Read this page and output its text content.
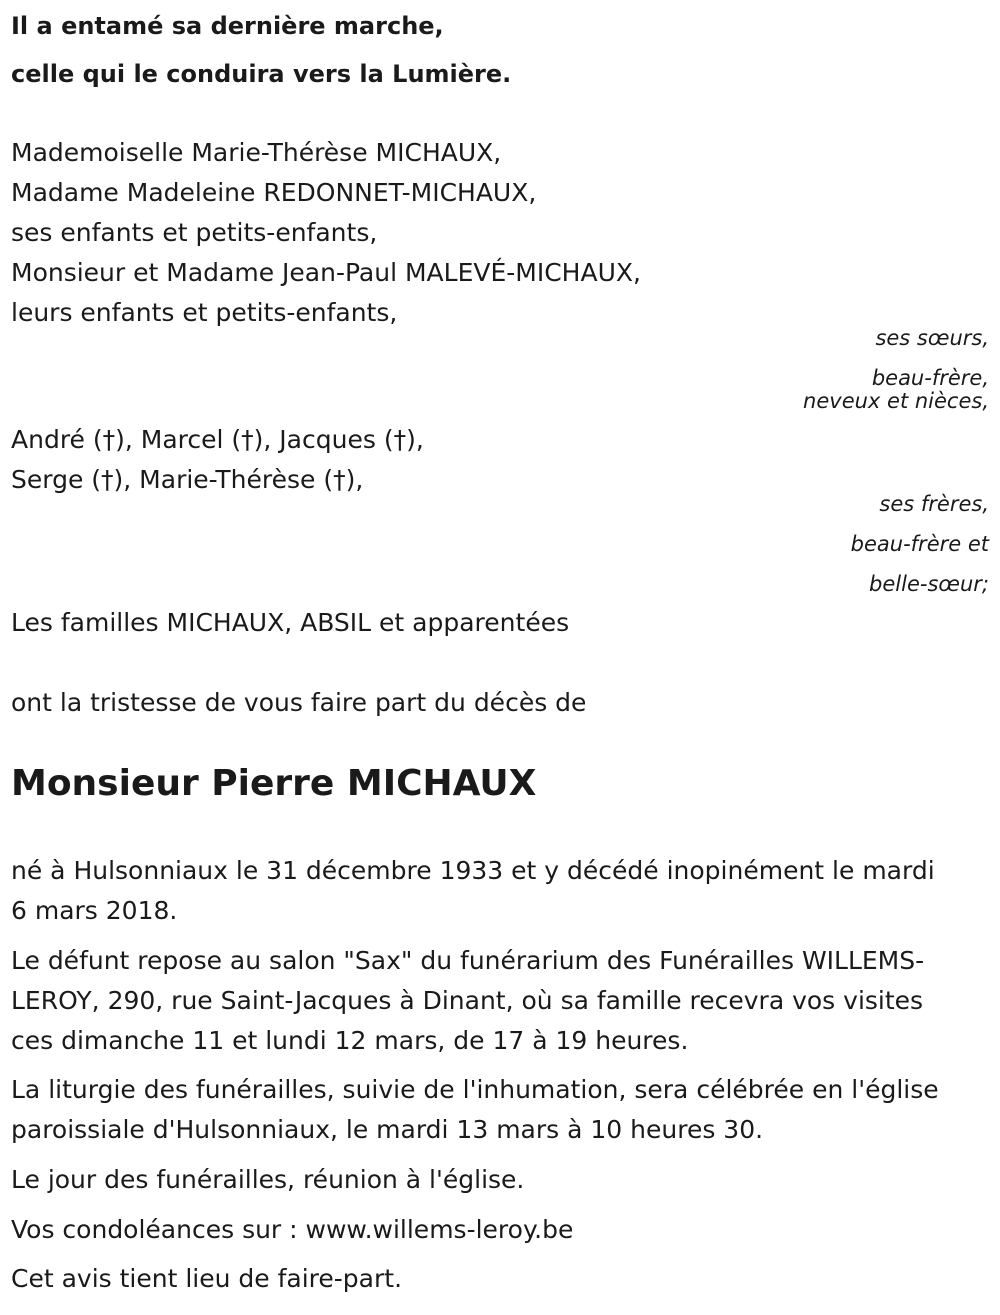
Il a entamé sa dernière marche,
celle qui le conduira vers la Lumière.
Mademoiselle Marie-Thérèse MICHAUX,
Madame Madeleine REDONNET-MICHAUX,
ses enfants et petits-enfants,
Monsieur et Madame Jean-Paul MALEVÉ-MICHAUX,
leurs enfants et petits-enfants,
ses sœurs,
beau-frère,
neveux et nièces,
André (†), Marcel (†), Jacques (†),
Serge (†), Marie-Thérèse (†),
ses frères,
beau-frère et
belle-sœur;
Les familles MICHAUX, ABSIL et apparentées
ont la tristesse de vous faire part du décès de
Monsieur Pierre MICHAUX
né à Hulsonniaux le 31 décembre 1933 et y décédé inopinément le mardi
6 mars 2018.
Le défunt repose au salon "Sax" du funérarium des Funérailles WILLEMS-
LEROY, 290, rue Saint-Jacques à Dinant, où sa famille recevra vos visites
ces dimanche 11 et lundi 12 mars, de 17 à 19 heures.
La liturgie des funérailles, suivie de l'inhumation, sera célébrée en l'église
paroissiale d'Hulsonniaux, le mardi 13 mars à 10 heures 30.
Le jour des funérailles, réunion à l'église.
Vos condoléances sur : www.willems-leroy.be
Cet avis tient lieu de faire-part.
